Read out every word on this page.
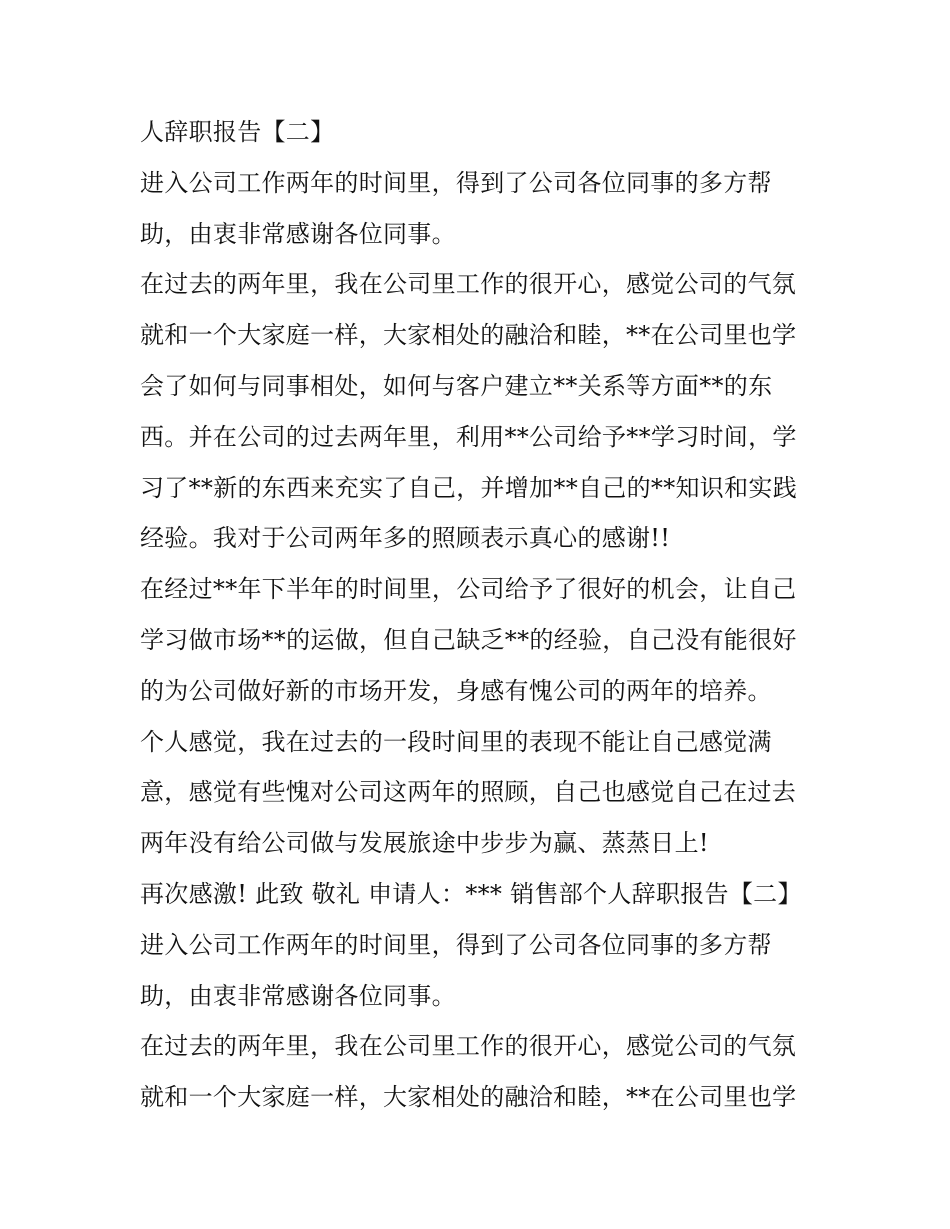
人辞职报告【二】
进入公司工作两年的时间里，得到了公司各位同事的多方帮
助，由衷非常感谢各位同事。
在过去的两年里，我在公司里工作的很开心，感觉公司的气氛
就和一个大家庭一样，大家相处的融洽和睦，**在公司里也学
会了如何与同事相处，如何与客户建立**关系等方面**的东
西。并在公司的过去两年里，利用**公司给予**学习时间，学
习了**新的东西来充实了自己，并增加**自己的**知识和实践
经验。我对于公司两年多的照顾表示真心的感谢!!
在经过**年下半年的时间里，公司给予了很好的机会，让自己
学习做市场**的运做，但自己缺乏**的经验，自己没有能很好
的为公司做好新的市场开发，身感有愧公司的两年的培养。
个人感觉，我在过去的一段时间里的表现不能让自己感觉满
意，感觉有些愧对公司这两年的照顾，自己也感觉自己在过去
两年没有给公司做与发展旅途中步步为赢、蒸蒸日上!
再次感激! 此致 敬礼 申请人：*** 销售部个人辞职报告【二】
进入公司工作两年的时间里，得到了公司各位同事的多方帮
助，由衷非常感谢各位同事。
在过去的两年里，我在公司里工作的很开心，感觉公司的气氛
就和一个大家庭一样，大家相处的融洽和睦，**在公司里也学
